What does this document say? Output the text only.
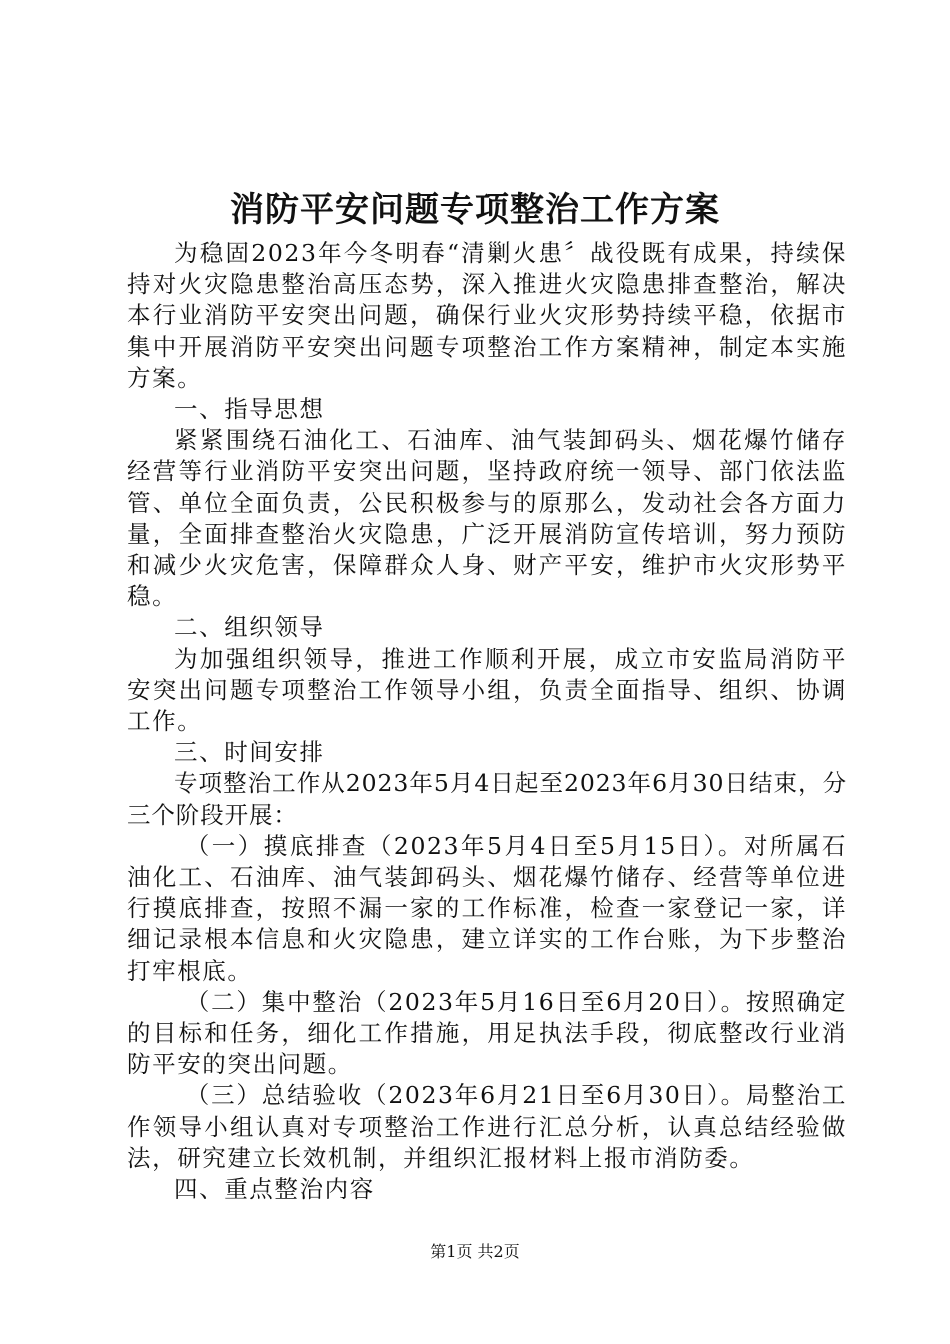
消防平安问题专项整治工作方案

为稳固2023年今冬明春“清剿火患〞战役既有成果，持续保持对火灾隐患整治高压态势，深入推进火灾隐患排查整治，解决本行业消防平安突出问题，确保行业火灾形势持续平稳，依据市集中开展消防平安突出问题专项整治工作方案精神，制定本实施方案。

一、指导思想

紧紧围绕石油化工、石油库、油气装卸码头、烟花爆竹储存经营等行业消防平安突出问题，坚持政府统一领导、部门依法监管、单位全面负责，公民积极参与的原那么，发动社会各方面力量，全面排查整治火灾隐患，广泛开展消防宣传培训，努力预防和减少火灾危害，保障群众人身、财产平安，维护市火灾形势平稳。

二、组织领导

为加强组织领导，推进工作顺利开展，成立市安监局消防平安突出问题专项整治工作领导小组，负责全面指导、组织、协调工作。

三、时间安排

专项整治工作从2023年5月4日起至2023年6月30日结束，分三个阶段开展：

（一）摸底排查（2023年5月4日至5月15日）。对所属石油化工、石油库、油气装卸码头、烟花爆竹储存、经营等单位进行摸底排查，按照不漏一家的工作标准，检查一家登记一家，详细记录根本信息和火灾隐患，建立详实的工作台账，为下步整治打牢根底。

（二）集中整治（2023年5月16日至6月20日）。按照确定的目标和任务，细化工作措施，用足执法手段，彻底整改行业消防平安的突出问题。

（三）总结验收（2023年6月21日至6月30日）。局整治工作领导小组认真对专项整治工作进行汇总分析，认真总结经验做法，研究建立长效机制，并组织汇报材料上报市消防委。

四、重点整治内容

第1页 共2页
